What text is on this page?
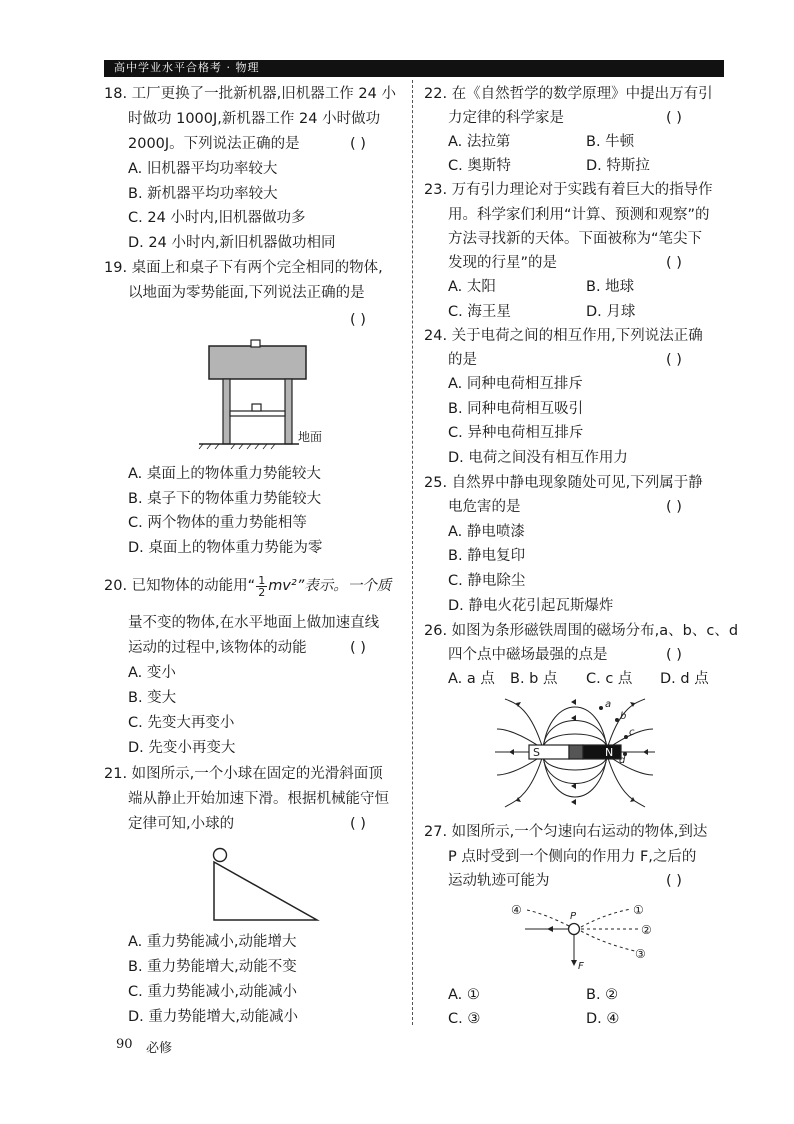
高中学业水平合格考 · 物理
18. 工厂更换了一批新机器,旧机器工作 24 小
时做功 1000J,新机器工作 24 小时做功
2000J。下列说法正确的是	( )
A. 旧机器平均功率较大
B. 新机器平均功率较大
C. 24 小时内,旧机器做功多
D. 24 小时内,新旧机器做功相同
19. 桌面上和桌子下有两个完全相同的物体,
以地面为零势能面,下列说法正确的是
( )
地面
A. 桌面上的物体重力势能较大
B. 桌子下的物体重力势能较大
C. 两个物体的重力势能相等
D. 桌面上的物体重力势能为零
20. 已知物体的动能用“ $\frac{1}{2} mv^2$”表示。一个质
量不变的物体,在水平地面上做加速直线
运动的过程中,该物体的动能	( )
A. 变小
B. 变大
C. 先变大再变小
D. 先变小再变大
21. 如图所示,一个小球在固定的光滑斜面顶
端从静止开始加速下滑。根据机械能守恒
定律可知,小球的	( )
A. 重力势能减小,动能增大
B. 重力势能增大,动能不变
C. 重力势能减小,动能减小
D. 重力势能增大,动能减小
90 必修
22. 在《自然哲学的数学原理》中提出万有引
力定律的科学家是	( )
A. 法拉第	B. 牛顿
C. 奥斯特	D. 特斯拉
23. 万有引力理论对于实践有着巨大的指导作
用。科学家们利用“计算、预测和观察”的
方法寻找新的天体。下面被称为“笔尖下
发现的行星”的是	( )
A. 太阳	B. 地球
C. 海王星	D. 月球
24. 关于电荷之间的相互作用,下列说法正确
的是	( )
A. 同种电荷相互排斥
B. 同种电荷相互吸引
C. 异种电荷相互排斥
D. 电荷之间没有相互作用力
25. 自然界中静电现象随处可见,下列属于静
电危害的是	( )
A. 静电喷漆
B. 静电复印
C. 静电除尘
D. 静电火花引起瓦斯爆炸
26. 如图为条形磁铁周围的磁场分布,a、b、c、d
四个点中磁场最强的点是	( )
A. a 点 B. b 点 C. c 点 D. d 点
S	N
a
b
c
d
27. 如图所示,一个匀速向右运动的物体,到达
P 点时受到一个侧向的作用力 F,之后的
运动轨迹可能为	( )
P
F
①
②
③
④
A. ①	B. ②
C. ③	D. ④
